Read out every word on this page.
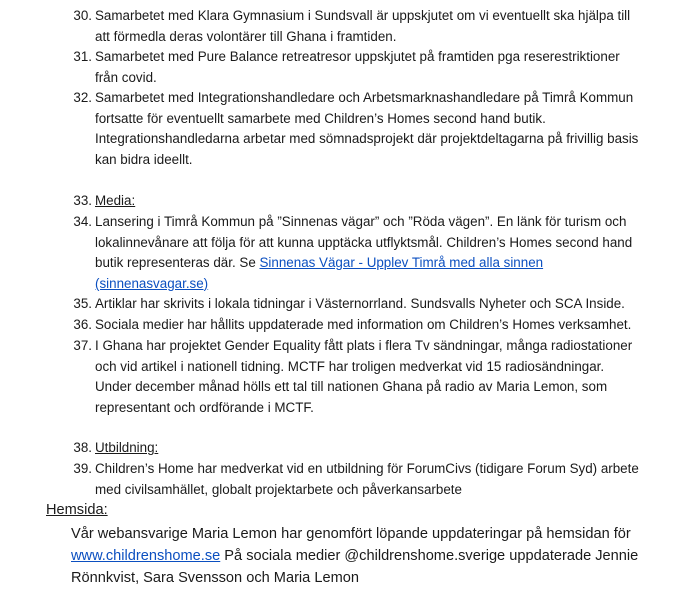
30. Samarbetet med Klara Gymnasium i Sundsvall är uppskjutet om vi eventuellt ska hjälpa till
att förmedla deras volontärer till Ghana i framtiden.
31. Samarbetet med Pure Balance retreatresor uppskjutet på framtiden pga reserestriktioner
från covid.
32. Samarbetet med Integrationshandledare och Arbetsmarknashandledare på Timrå Kommun
fortsatte för eventuellt samarbete med Children’s Homes second hand butik.
Integrationshandledarna arbetar med sömnadsprojekt där projektdeltagarna på frivillig basis
kan bidra ideellt.
33. Media:
34. Lansering i Timrå Kommun på ”Sinnenas vägar” och ”Röda vägen”. En länk för turism och
lokalinnevånare att följa för att kunna upptäcka utflyktsmål. Children’s Homes second hand
butik representeras där. Se Sinnenas Vägar - Upplev Timrå med alla sinnen
(sinnenasvagar.se)
35. Artiklar har skrivits i lokala tidningar i Västernorrland. Sundsvalls Nyheter och SCA Inside.
36. Sociala medier har hållits uppdaterade med information om Children’s Homes verksamhet.
37. I Ghana har projektet Gender Equality fått plats i flera Tv sändningar, många radiostationer
och vid artikel i nationell tidning. MCTF har troligen medverkat vid 15 radiosändningar.
Under december månad hölls ett tal till nationen Ghana på radio av Maria Lemon, som
representant och ordförande i MCTF.
38. Utbildning:
39. Children’s Home har medverkat vid en utbildning för ForumCivs (tidigare Forum Syd) arbete
med civilsamhället, globalt projektarbete och påverkansarbete
Hemsida:
Vår webansvarige Maria Lemon har genomfört löpande uppdateringar på hemsidan för
www.childrenshome.se På sociala medier @childrenshome.sverige uppdaterade Jennie
Rönnkvist, Sara Svensson och Maria Lemon
